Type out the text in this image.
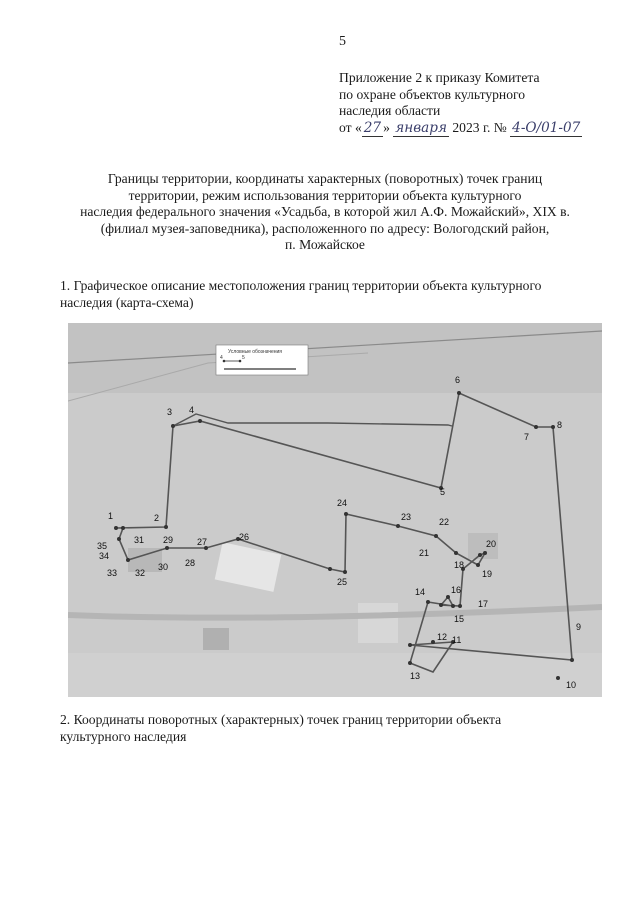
5
Приложение 2 к приказу Комитета
по охране объектов культурного
наследия области
от « 27 » января 2023 г. № 4-О/01-07
Границы территории, координаты характерных (поворотных) точек границ
территории, режим использования территории объекта культурного
наследия федерального значения «Усадьба, в которой жил А.Ф. Можайский», XIX в.
(филиал музея-заповедника), расположенного по адресу: Вологодский район,
п. Можайское
1. Графическое описание местоположения границ территории объекта культурного
наследия (карта-схема)
Условные обозначения
4	5
1	2
3 4
5
6
7
8
9
10
11
12
13
14
15
16
17
18
19
20
21
22
23
24
25
26
27
28
29
30
31
32
33
34
35
2. Координаты поворотных (характерных) точек границ территории объекта
культурного наследия
